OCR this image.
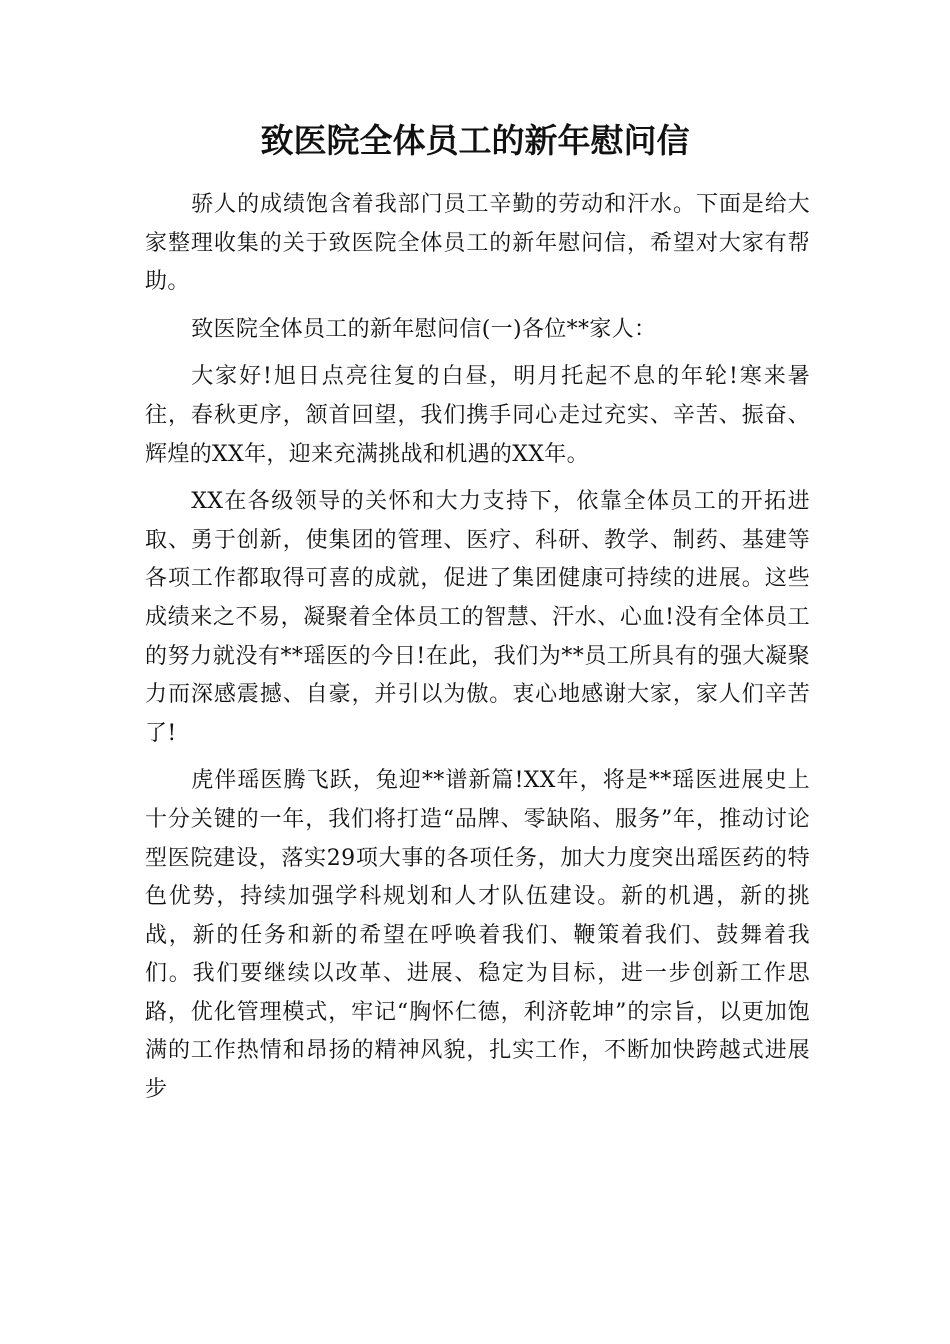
致医院全体员工的新年慰问信

骄人的成绩饱含着我部门员工辛勤的劳动和汗水。下面是给大家整理收集的关于致医院全体员工的新年慰问信，希望对大家有帮助。

致医院全体员工的新年慰问信(一)各位**家人：

大家好!旭日点亮往复的白昼，明月托起不息的年轮!寒来暑往，春秋更序，颔首回望，我们携手同心走过充实、辛苦、振奋、辉煌的XX年，迎来充满挑战和机遇的XX年。

XX在各级领导的关怀和大力支持下，依靠全体员工的开拓进取、勇于创新，使集团的管理、医疗、科研、教学、制药、基建等各项工作都取得可喜的成就，促进了集团健康可持续的进展。这些成绩来之不易，凝聚着全体员工的智慧、汗水、心血!没有全体员工的努力就没有**瑶医的今日!在此，我们为**员工所具有的强大凝聚力而深感震撼、自豪，并引以为傲。衷心地感谢大家，家人们辛苦了!

虎伴瑶医腾飞跃，兔迎**谱新篇!XX年，将是**瑶医进展史上十分关键的一年，我们将打造“品牌、零缺陷、服务”年，推动讨论型医院建设，落实29项大事的各项任务，加大力度突出瑶医药的特色优势，持续加强学科规划和人才队伍建设。新的机遇，新的挑战，新的任务和新的希望在呼唤着我们、鞭策着我们、鼓舞着我们。我们要继续以改革、进展、稳定为目标，进一步创新工作思路，优化管理模式，牢记“胸怀仁德，利济乾坤”的宗旨，以更加饱满的工作热情和昂扬的精神风貌，扎实工作，不断加快跨越式进展步
